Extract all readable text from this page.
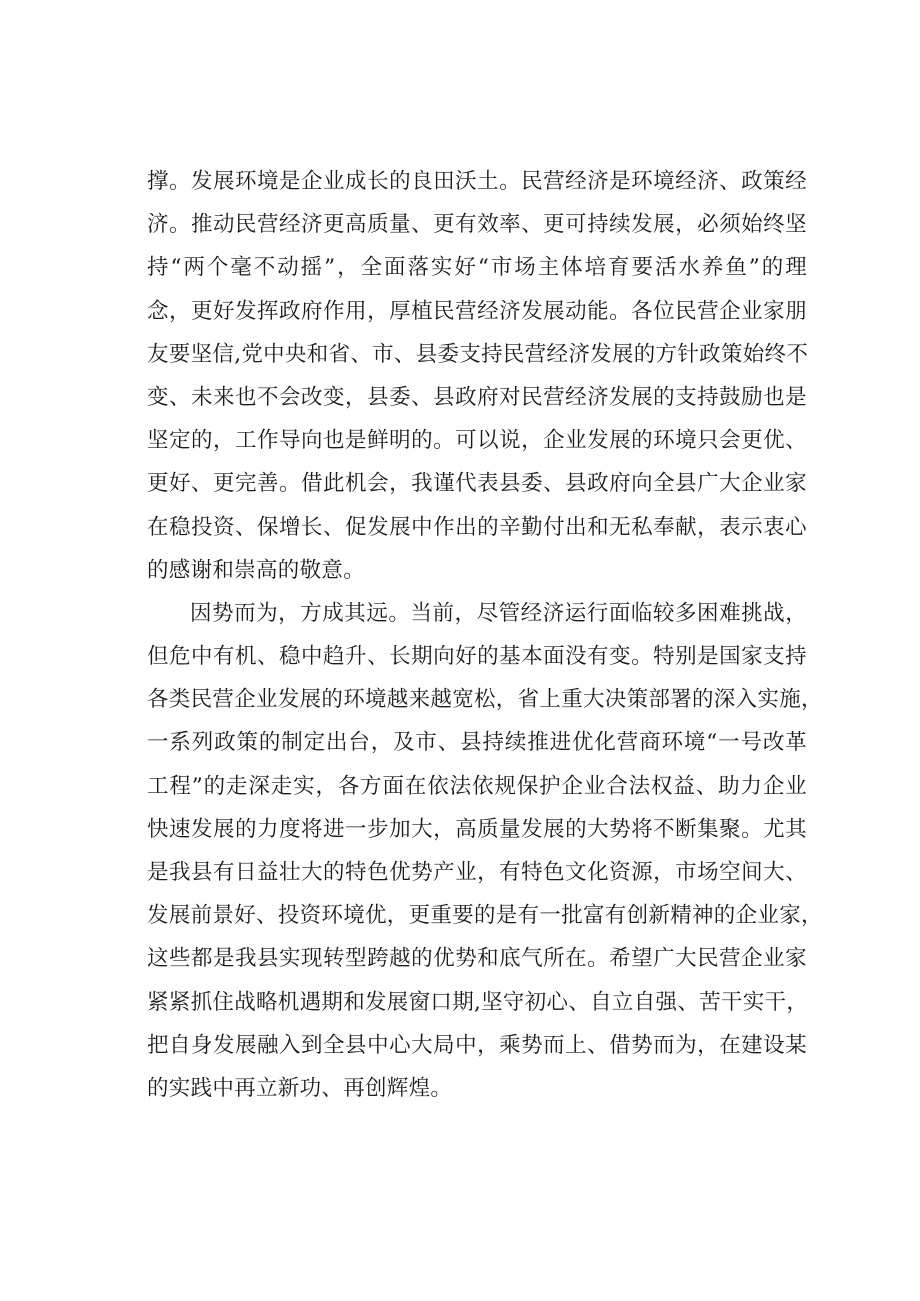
撑。发展环境是企业成长的良田沃土。民营经济是环境经济、政策经
济。推动民营经济更高质量、更有效率、更可持续发展，必须始终坚
持“两个毫不动摇”，全面落实好“市场主体培育要活水养鱼”的理
念，更好发挥政府作用，厚植民营经济发展动能。各位民营企业家朋
友要坚信,党中央和省、市、县委支持民营经济发展的方针政策始终不
变、未来也不会改变，县委、县政府对民营经济发展的支持鼓励也是
坚定的，工作导向也是鲜明的。可以说，企业发展的环境只会更优、
更好、更完善。借此机会，我谨代表县委、县政府向全县广大企业家
在稳投资、保增长、促发展中作出的辛勤付出和无私奉献，表示衷心
的感谢和崇高的敬意。
因势而为，方成其远。当前，尽管经济运行面临较多困难挑战，
但危中有机、稳中趋升、长期向好的基本面没有变。特别是国家支持
各类民营企业发展的环境越来越宽松，省上重大决策部署的深入实施，
一系列政策的制定出台，及市、县持续推进优化营商环境“一号改革
工程”的走深走实，各方面在依法依规保护企业合法权益、助力企业
快速发展的力度将进一步加大，高质量发展的大势将不断集聚。尤其
是我县有日益壮大的特色优势产业，有特色文化资源，市场空间大、
发展前景好、投资环境优，更重要的是有一批富有创新精神的企业家，
这些都是我县实现转型跨越的优势和底气所在。希望广大民营企业家
紧紧抓住战略机遇期和发展窗口期,坚守初心、自立自强、苦干实干，
把自身发展融入到全县中心大局中，乘势而上、借势而为，在建设某
的实践中再立新功、再创辉煌。
